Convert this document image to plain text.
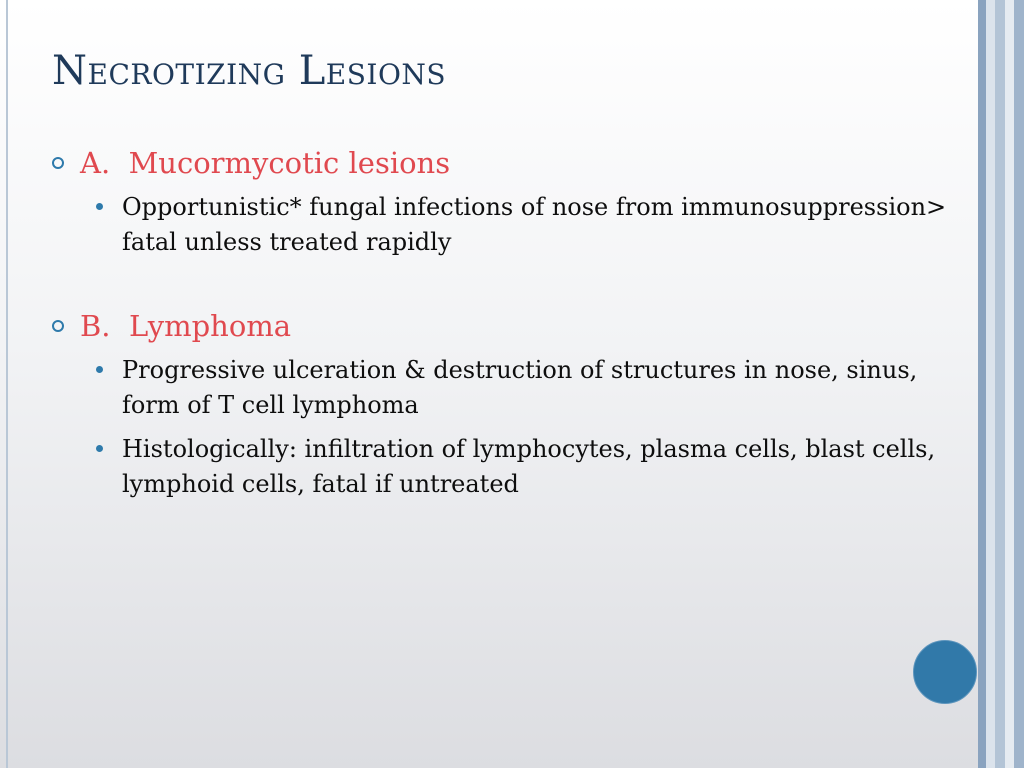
Necrotizing Lesions
A.  Mucormycotic lesions
Opportunistic* fungal infections of nose from immunosuppression> fatal unless treated rapidly
B.  Lymphoma
Progressive ulceration & destruction of structures in nose, sinus, form of T cell lymphoma
Histologically: infiltration of lymphocytes, plasma cells, blast cells, lymphoid cells, fatal if untreated
